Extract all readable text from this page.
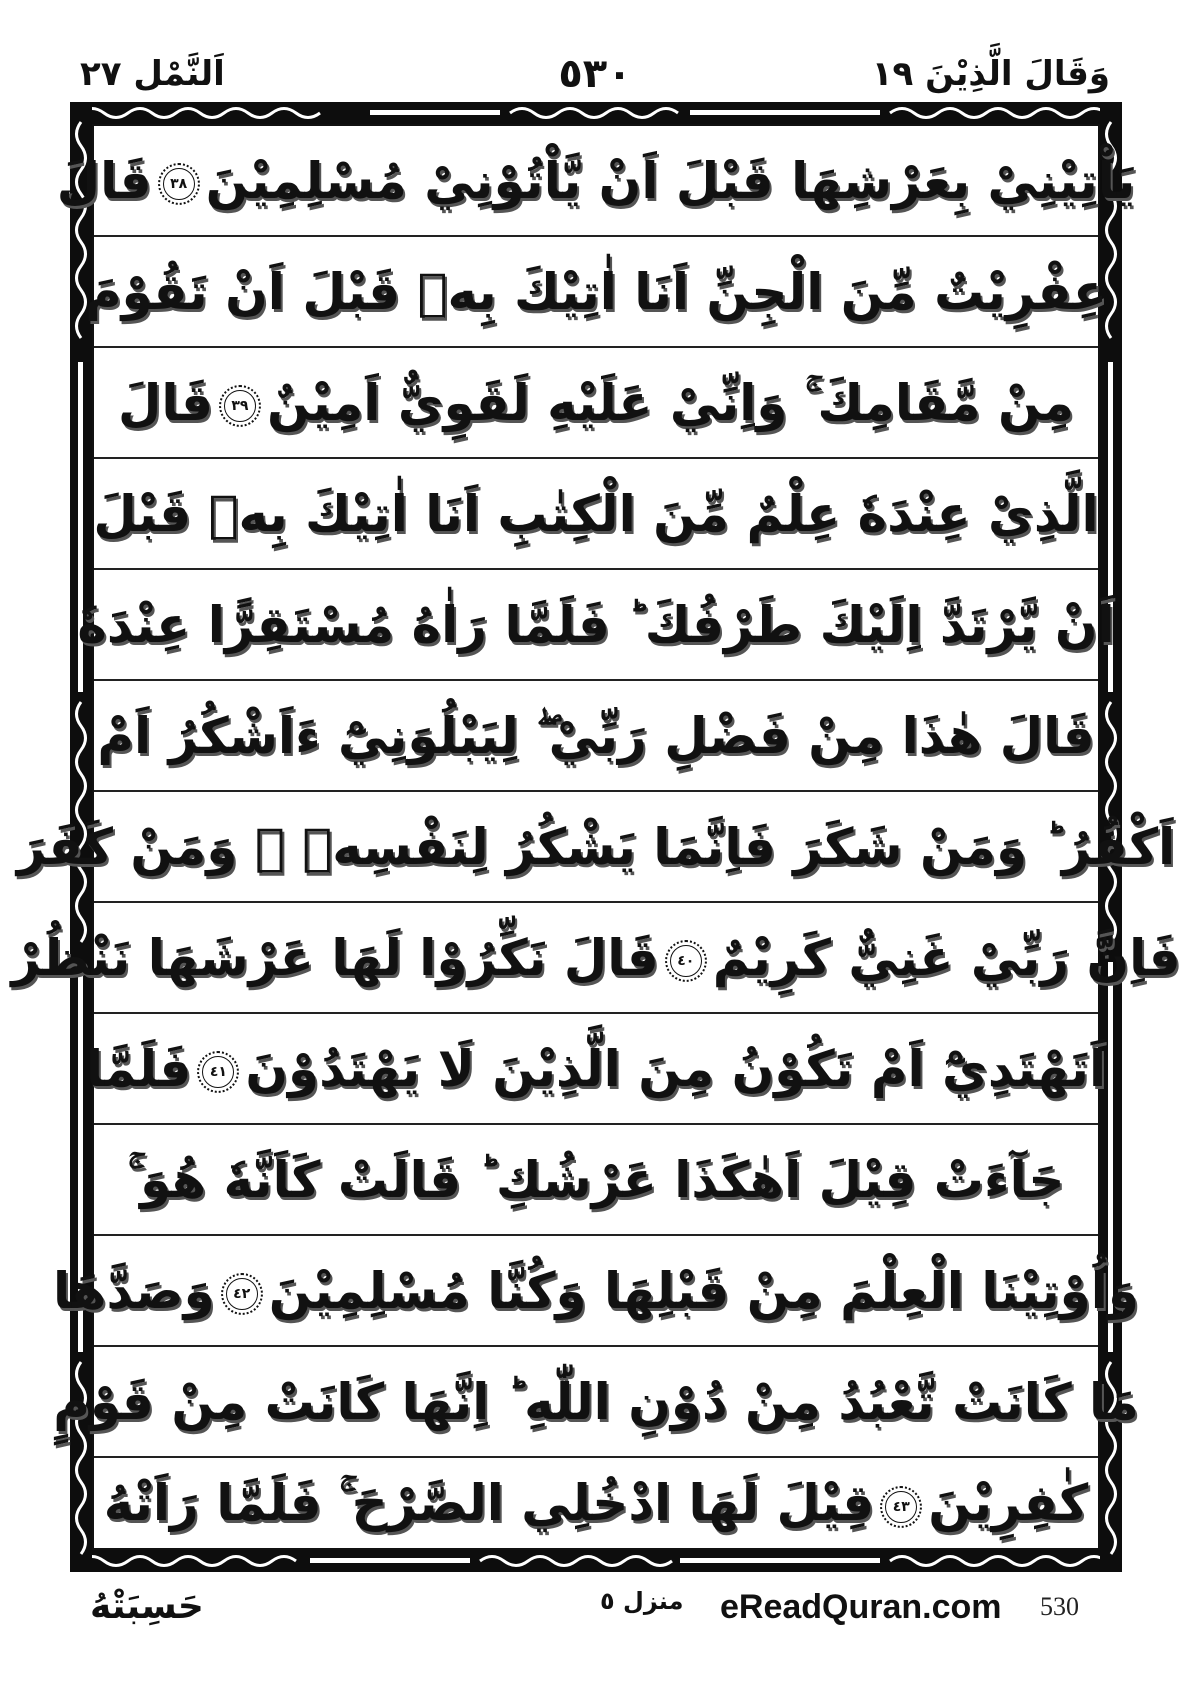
وَقَالَ الَّذِيْنَ ١٩
٥٣٠
اَلنَّمْل ٢٧
يَاْتِيْنِيْ بِعَرْشِهَا قَبْلَ اَنْ يَّاْتُوْنِيْ مُسْلِمِيْنَ٣٨قَالَ
عِفْرِيْتٌ مِّنَ الْجِنِّ اَنَا اٰتِيْكَ بِهٖ قَبْلَ اَنْ تَقُوْمَ
مِنْ مَّقَامِكَ ۚ وَاِنِّيْ عَلَيْهِ لَقَوِيٌّ اَمِيْنٌ٣٩قَالَ
الَّذِيْ عِنْدَهٗ عِلْمٌ مِّنَ الْكِتٰبِ اَنَا اٰتِيْكَ بِهٖ قَبْلَ
اَنْ يَّرْتَدَّ اِلَيْكَ طَرْفُكَ ؕ فَلَمَّا رَاٰهُ مُسْتَقِرًّا عِنْدَهٗ
قَالَ هٰذَا مِنْ فَضْلِ رَبِّيْ ۖ لِيَبْلُوَنِيْٓ ءَاَشْكُرُ اَمْ
اَكْفُرُ ؕ وَمَنْ شَكَرَ فَاِنَّمَا يَشْكُرُ لِنَفْسِهٖ ۚ وَمَنْ كَفَرَ
فَاِنَّ رَبِّيْ غَنِيٌّ كَرِيْمٌ٤٠قَالَ نَكِّرُوْا لَهَا عَرْشَهَا نَنْظُرْ
اَتَهْتَدِيْٓ اَمْ تَكُوْنُ مِنَ الَّذِيْنَ لَا يَهْتَدُوْنَ٤١فَلَمَّا
جَآءَتْ قِيْلَ اَهٰكَذَا عَرْشُكِ ؕ قَالَتْ كَاَنَّهٗ هُوَ ۚ
وَاُوْتِيْنَا الْعِلْمَ مِنْ قَبْلِهَا وَكُنَّا مُسْلِمِيْنَ٤٢وَصَدَّهَا
مَا كَانَتْ تَّعْبُدُ مِنْ دُوْنِ اللّٰهِ ؕ اِنَّهَا كَانَتْ مِنْ قَوْمٍ
كٰفِرِيْنَ٤٣قِيْلَ لَهَا ادْخُلِي الصَّرْحَ ۚ فَلَمَّا رَاَتْهُ
حَسِبَتْهُ	منزل ٥ eReadQuran.com 530
